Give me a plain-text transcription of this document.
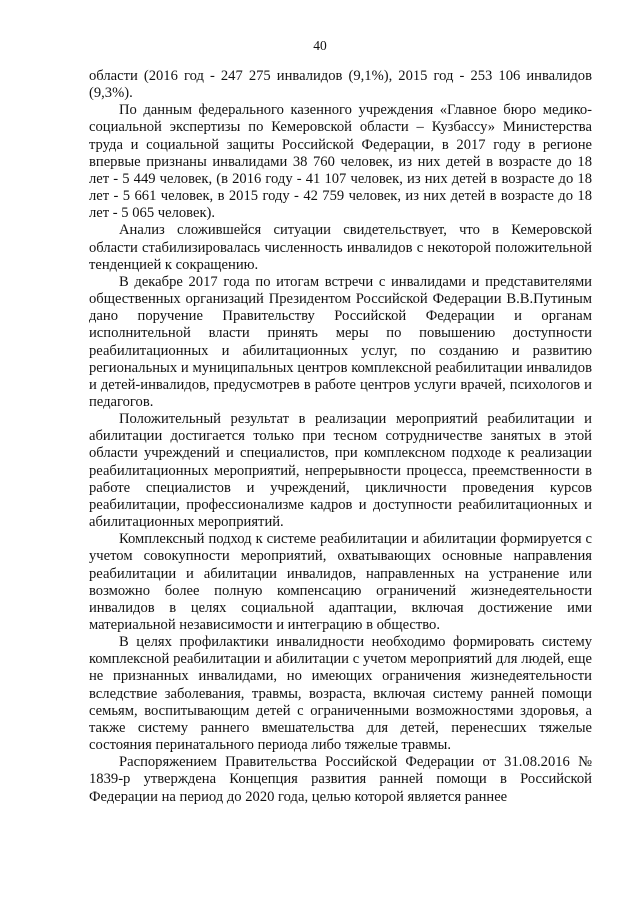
40

области (2016 год - 247 275 инвалидов (9,1%), 2015 год - 253 106 инвалидов (9,3%).

По данным федерального казенного учреждения «Главное бюро медико-социальной экспертизы по Кемеровской области – Кузбассу» Министерства труда и социальной защиты Российской Федерации, в 2017 году в регионе впервые признаны инвалидами 38 760 человек, из них детей в возрасте до 18 лет - 5 449 человек, (в 2016 году - 41 107 человек, из них детей в возрасте до 18 лет - 5 661 человек, в 2015 году - 42 759 человек, из них детей в возрасте до 18 лет - 5 065 человек).

Анализ сложившейся ситуации свидетельствует, что в Кемеровской области стабилизировалась численность инвалидов с некоторой положительной тенденцией к сокращению.

В декабре 2017 года по итогам встречи с инвалидами и представителями общественных организаций Президентом Российской Федерации В.В.Путиным дано поручение Правительству Российской Федерации и органам исполнительной власти принять меры по повышению доступности реабилитационных и абилитационных услуг, по созданию и развитию региональных и муниципальных центров комплексной реабилитации инвалидов и детей-инвалидов, предусмотрев в работе центров услуги врачей, психологов и педагогов.

Положительный результат в реализации мероприятий реабилитации и абилитации достигается только при тесном сотрудничестве занятых в этой области учреждений и специалистов, при комплексном подходе к реализации реабилитационных мероприятий, непрерывности процесса, преемственности в работе специалистов и учреждений, цикличности проведения курсов реабилитации, профессионализме кадров и доступности реабилитационных и абилитационных мероприятий.

Комплексный подход к системе реабилитации и абилитации формируется с учетом совокупности мероприятий, охватывающих основные направления реабилитации и абилитации инвалидов, направленных на устранение или возможно более полную компенсацию ограничений жизнедеятельности инвалидов в целях социальной адаптации, включая достижение ими материальной независимости и интеграцию в общество.

В целях профилактики инвалидности необходимо формировать систему комплексной реабилитации и абилитации с учетом мероприятий для людей, еще не признанных инвалидами, но имеющих ограничения жизнедеятельности вследствие заболевания, травмы, возраста, включая систему ранней помощи семьям, воспитывающим детей с ограниченными возможностями здоровья, а также систему раннего вмешательства для детей, перенесших тяжелые состояния перинатального периода либо тяжелые травмы.

Распоряжением Правительства Российской Федерации от 31.08.2016 № 1839-р утверждена Концепция развития ранней помощи в Российской Федерации на период до 2020 года, целью которой является раннее
